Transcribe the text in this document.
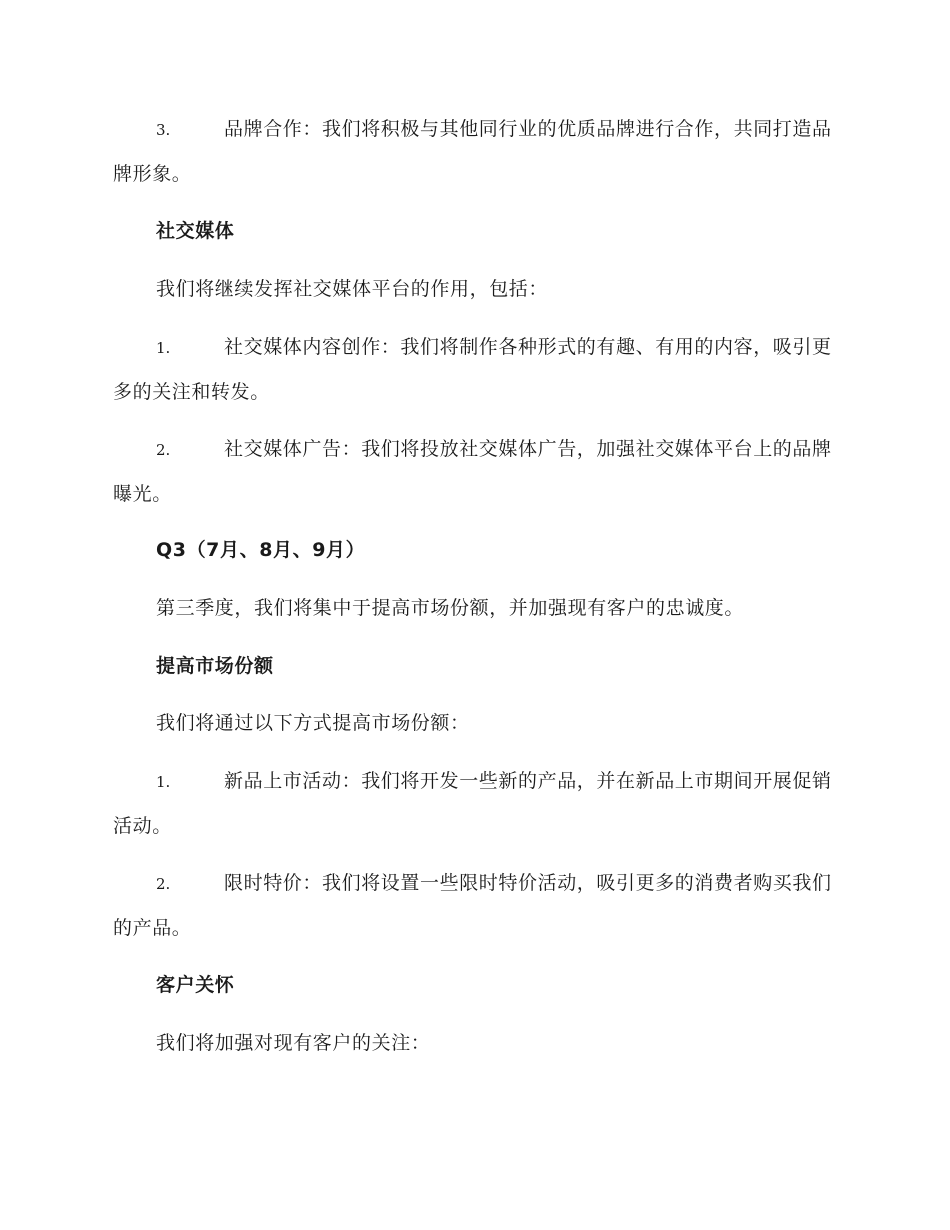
3.	品牌合作：我们将积极与其他同行业的优质品牌进行合作，共同打造品牌形象。

社交媒体

我们将继续发挥社交媒体平台的作用，包括：

1.	社交媒体内容创作：我们将制作各种形式的有趣、有用的内容，吸引更多的关注和转发。

2.	社交媒体广告：我们将投放社交媒体广告，加强社交媒体平台上的品牌曝光。

Q3（7月、8月、9月）

第三季度，我们将集中于提高市场份额，并加强现有客户的忠诚度。

提高市场份额

我们将通过以下方式提高市场份额：

1.	新品上市活动：我们将开发一些新的产品，并在新品上市期间开展促销活动。

2.	限时特价：我们将设置一些限时特价活动，吸引更多的消费者购买我们的产品。

客户关怀

我们将加强对现有客户的关注：
